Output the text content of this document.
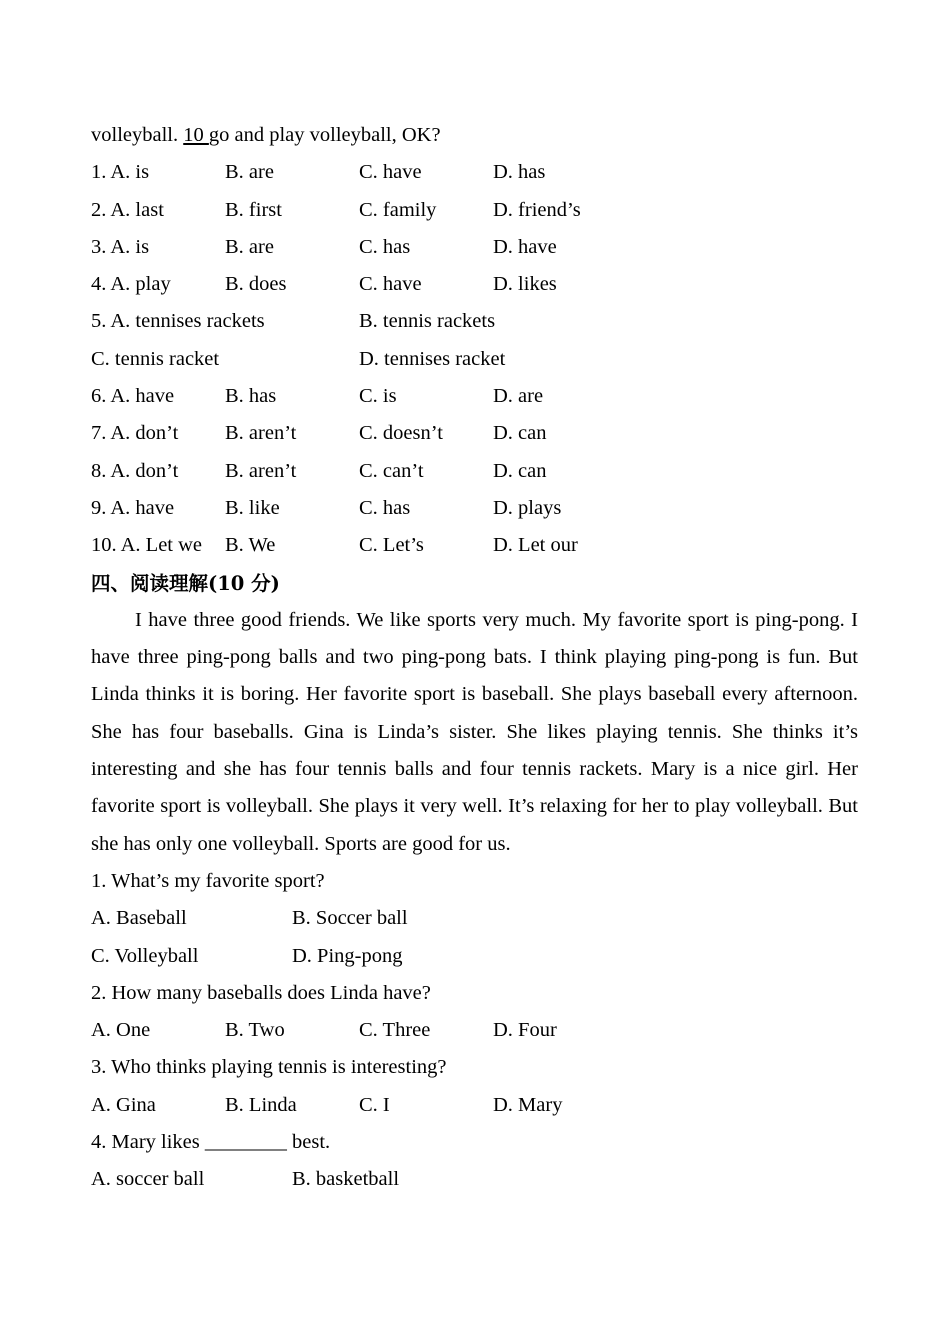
volleyball. 10 go and play volleyball, OK?
1. A. is	B. are	C. have	D. has
2. A. last	B. first	C. family	D. friend’s
3. A. is	B. are	C. has	D. have
4. A. play	B. does	C. have	D. likes
5. A. tennises rackets	B. tennis rackets
C. tennis racket	D. tennises racket
6. A. have	B. has	C. is	D. are
7. A. don’t	B. aren’t	C. doesn’t	D. can
8. A. don’t	B. aren’t	C. can’t	D. can
9. A. have	B. like	C. has	D. plays
10. A. Let we	B. We	C. Let’s	D. Let our
四、阅读理解(10 分)

I have three good friends. We like sports very much. My favorite sport is ping-pong. I have three ping-pong balls and two ping-pong bats. I think playing ping-pong is fun. But Linda thinks it is boring. Her favorite sport is baseball. She plays baseball every afternoon. She has four baseballs. Gina is Linda’s sister. She likes playing tennis. She thinks it’s interesting and she has four tennis balls and four tennis rackets. Mary is a nice girl. Her favorite sport is volleyball. She plays it very well. It’s relaxing for her to play volleyball. But she has only one volleyball. Sports are good for us.

1. What’s my favorite sport?
A. Baseball	B. Soccer ball
C. Volleyball	D. Ping-pong
2. How many baseballs does Linda have?
A. One	B. Two	C. Three	D. Four
3. Who thinks playing tennis is interesting?
A. Gina	B. Linda	C. I	D. Mary
4. Mary likes ________ best.
A. soccer ball	B. basketball
